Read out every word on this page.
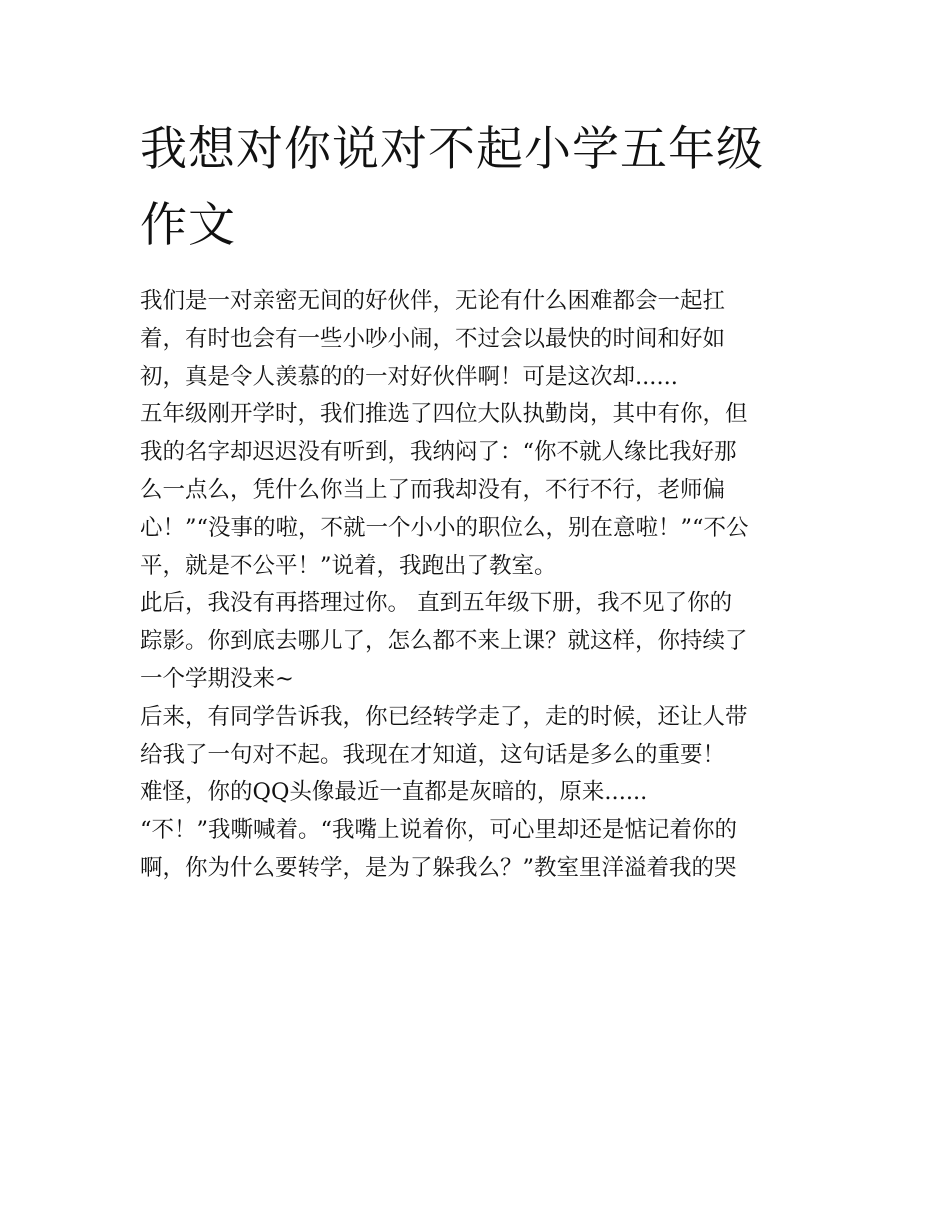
我想对你说对不起小学五年级
作文
我们是一对亲密无间的好伙伴，无论有什么困难都会一起扛
着，有时也会有一些小吵小闹，不过会以最快的时间和好如
初，真是令人羡慕的的一对好伙伴啊！可是这次却......
五年级刚开学时，我们推选了四位大队执勤岗，其中有你，但
我的名字却迟迟没有听到，我纳闷了：“你不就人缘比我好那
么一点么，凭什么你当上了而我却没有，不行不行，老师偏
心！”“没事的啦，不就一个小小的职位么，别在意啦！”“不公
平，就是不公平！”说着，我跑出了教室。
此后，我没有再搭理过你。 直到五年级下册，我不见了你的
踪影。你到底去哪儿了，怎么都不来上课？就这样，你持续了
一个学期没来~
后来，有同学告诉我，你已经转学走了，走的时候，还让人带
给我了一句对不起。我现在才知道，这句话是多么的重要！
难怪，你的QQ头像最近一直都是灰暗的，原来......
“不！”我嘶喊着。“我嘴上说着你，可心里却还是惦记着你的
啊，你为什么要转学，是为了躲我么？”教室里洋溢着我的哭
